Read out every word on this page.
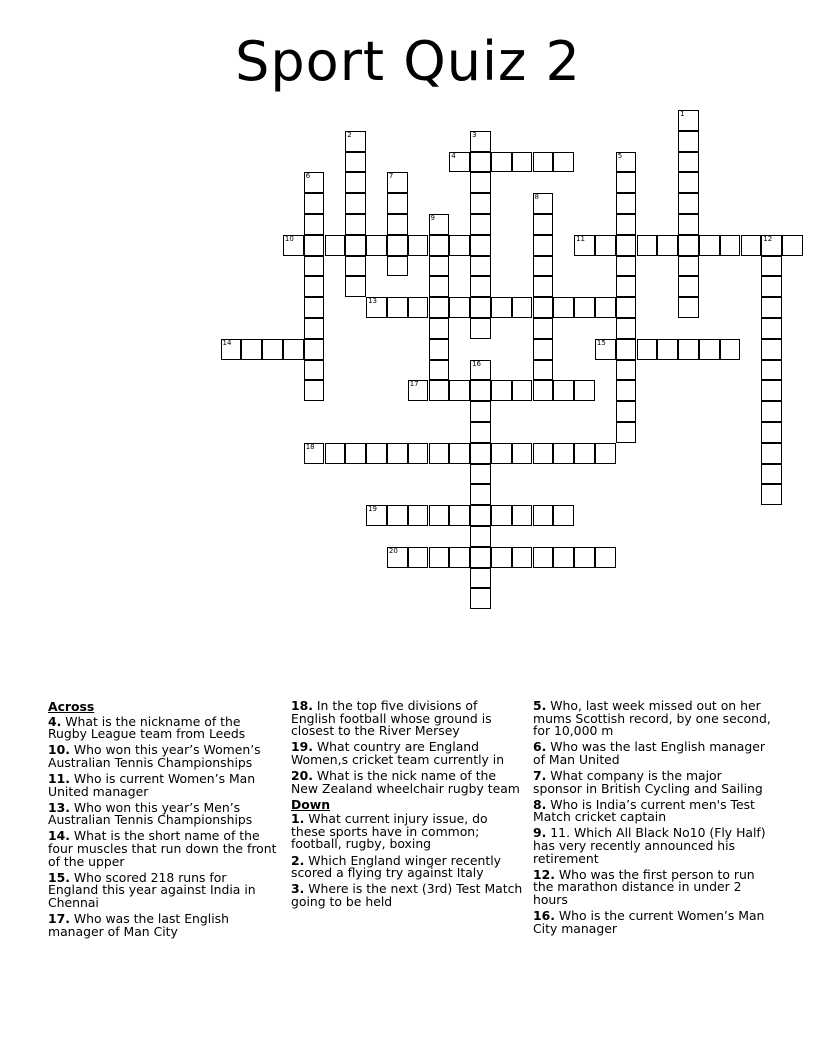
Sport Quiz 2
1
2	3
4	5
6	7
8
9
10	11	12
13
14	15
16
17
18
19
20
Across
4. What is the nickname of the Rugby League team from Leeds
10. Who won this year’s Women’s Australian Tennis Championships
11. Who is current Women’s Man United manager
13. Who won this year’s Men’s Australian Tennis Championships
14. What is the short name of the four muscles that run down the front of the upper
15. Who scored 218 runs for England this year against India in Chennai
17. Who was the last English manager of Man City
18. In the top five divisions of English football whose ground is closest to the River Mersey
19. What country are England Women,s cricket team currently in
20. What is the nick name of the New Zealand wheelchair rugby team
Down
1. What current injury issue, do these sports have in common; football, rugby, boxing
2. Which England winger recently scored a flying try against Italy
3. Where is the next (3rd) Test Match going to be held
5. Who, last week missed out on her mums Scottish record, by one second, for 10,000 m
6. Who was the last English manager of Man United
7. What company is the major sponsor in British Cycling and Sailing
8. Who is India’s current men's Test Match cricket captain
9. 11. Which All Black No10 (Fly Half) has very recently announced his retirement
12. Who was the first person to run the marathon distance in under 2 hours
16. Who is the current Women’s Man City manager
